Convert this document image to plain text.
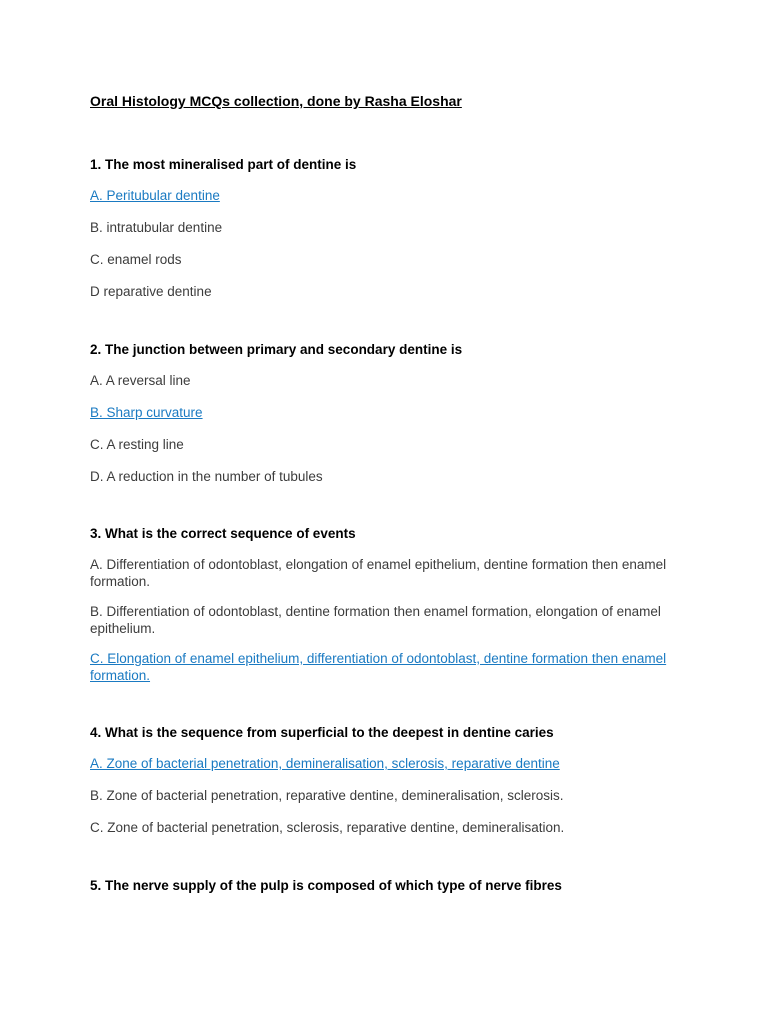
Oral Histology MCQs collection, done by Rasha Eloshar

1. The most mineralised part of dentine is

A. Peritubular dentine

B. intratubular dentine

C. enamel rods

D reparative dentine

2. The junction between primary and secondary dentine is

A. A reversal line

B. Sharp curvature

C. A resting line

D. A reduction in the number of tubules

3. What is the correct sequence of events

A. Differentiation of odontoblast, elongation of enamel epithelium, dentine formation then enamel formation.

B. Differentiation of odontoblast, dentine formation then enamel formation, elongation of enamel epithelium.

C. Elongation of enamel epithelium, differentiation of odontoblast, dentine formation then enamel formation.

4. What is the sequence from superficial to the deepest in dentine caries

A. Zone of bacterial penetration, demineralisation, sclerosis, reparative dentine

B. Zone of bacterial penetration, reparative dentine, demineralisation, sclerosis.

C. Zone of bacterial penetration, sclerosis, reparative dentine, demineralisation.

5. The nerve supply of the pulp is composed of which type of nerve fibres
